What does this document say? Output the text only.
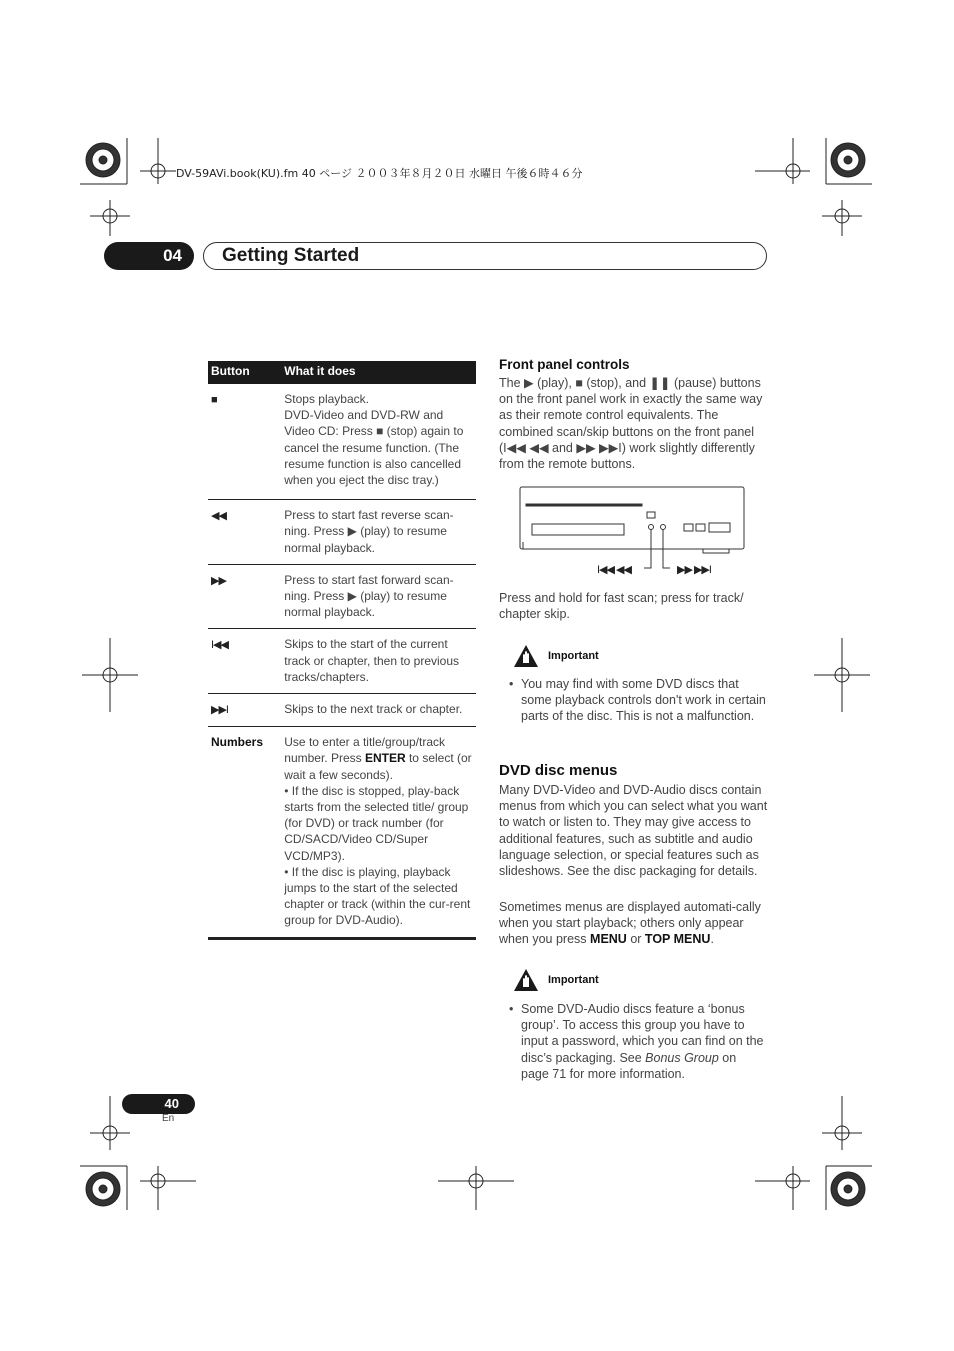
DV-59AVi.book(KU).fm 40 ページ ２００３年８月２０日 水曜日 午後６時４６分
04	Getting Started
Button	What it does
■	Stops playback.
DVD-Video and DVD-RW and Video CD: Press ■ (stop) again to cancel the resume function. (The resume function is also cancelled when you eject the disc tray.)
◀◀	Press to start fast reverse scan-ning. Press ▶ (play) to resume normal playback.
▶▶	Press to start fast forward scan-ning. Press ▶ (play) to resume normal playback.
I◀◀	Skips to the start of the current track or chapter, then to previous tracks/chapters.
▶▶I	Skips to the next track or chapter.
Numbers	Use to enter a title/group/track number. Press ENTER to select (or wait a few seconds).
• If the disc is stopped, play-back starts from the selected title/ group (for DVD) or track number (for CD/SACD/Video CD/Super VCD/MP3).
• If the disc is playing, playback jumps to the start of the selected chapter or track (within the cur-rent group for DVD-Audio).
Front panel controls
The ▶ (play), ■ (stop), and ❚❚ (pause) buttons on the front panel work in exactly the same way as their remote control equivalents. The combined scan/skip buttons on the front panel (I◀◀ ◀◀ and ▶▶ ▶▶I) work slightly differently from the remote buttons.
I◀◀ ◀◀	▶▶ ▶▶I
Press and hold for fast scan; press for track/ chapter skip.
Important
• You may find with some DVD discs that some playback controls don't work in certain parts of the disc. This is not a malfunction.
DVD disc menus
Many DVD-Video and DVD-Audio discs contain menus from which you can select what you want to watch or listen to. They may give access to additional features, such as subtitle and audio language selection, or special features such as slideshows. See the disc packaging for details.
Sometimes menus are displayed automati-cally when you start playback; others only appear when you press MENU or TOP MENU.
Important
• Some DVD-Audio discs feature a ‘bonus group’. To access this group you have to input a password, which you can find on the disc’s packaging. See Bonus Group on page 71 for more information.
40
En
